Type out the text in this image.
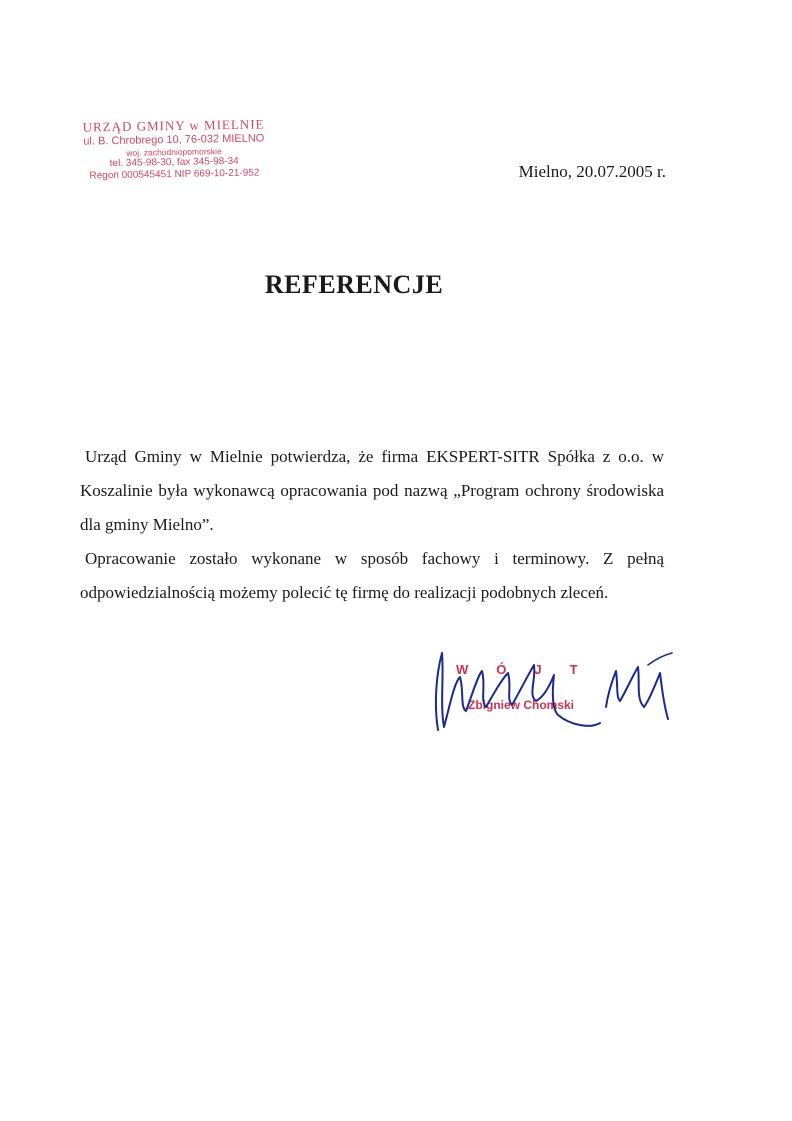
URZĄD GMINY w MIELNIE
ul. B. Chrobrego 10, 76-032 MIELNO
woj. zachodniopomorskie
tel. 345-98-30, fax 345-98-34
Regon 000545451 NIP 669-10-21-952	Mielno, 20.07.2005 r.
REFERENCJE

Urząd Gminy w Mielnie potwierdza, że firma EKSPERT-SITR Spółka z o.o. w Koszalinie była wykonawcą opracowania pod nazwą „Program ochrony środowiska dla gminy Mielno”.

Opracowanie zostało wykonane w sposób fachowy i terminowy. Z pełną odpowiedzialnością możemy polecić tę firmę do realizacji podobnych zleceń.

WÓJT
Zbigniew Chomski
